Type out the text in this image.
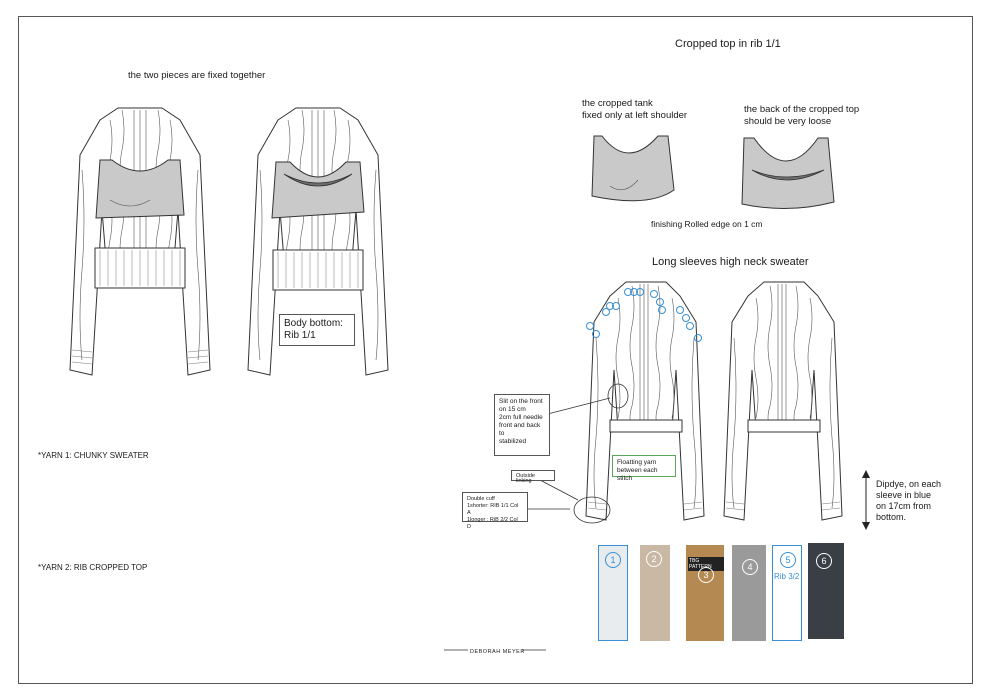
the two pieces are fixed together
Body bottom:
Rib 1/1
*YARN 1: CHUNKY SWEATER
*YARN 2: RIB CROPPED TOP
Cropped top in rib 1/1
the cropped tank
fixed only at left shoulder
the back of the cropped top
should be very loose
finishing Rolled edge on 1 cm
Long sleeves high neck sweater
Slit on the front
on 15 cm
2cm full needle
front and back
to
stabilized
Floatting yarn
between each stitch
Outside linking
Double cuff
1shorter: RIB 1/1 Col A
1longer : RiB 2/2 Col D
Dipdye, on each
sleeve in blue
on 17cm from
bottom.
1	2	TBG PATTERN
3
4
5
Rib 3/2
6
DEBORAH MEYER
